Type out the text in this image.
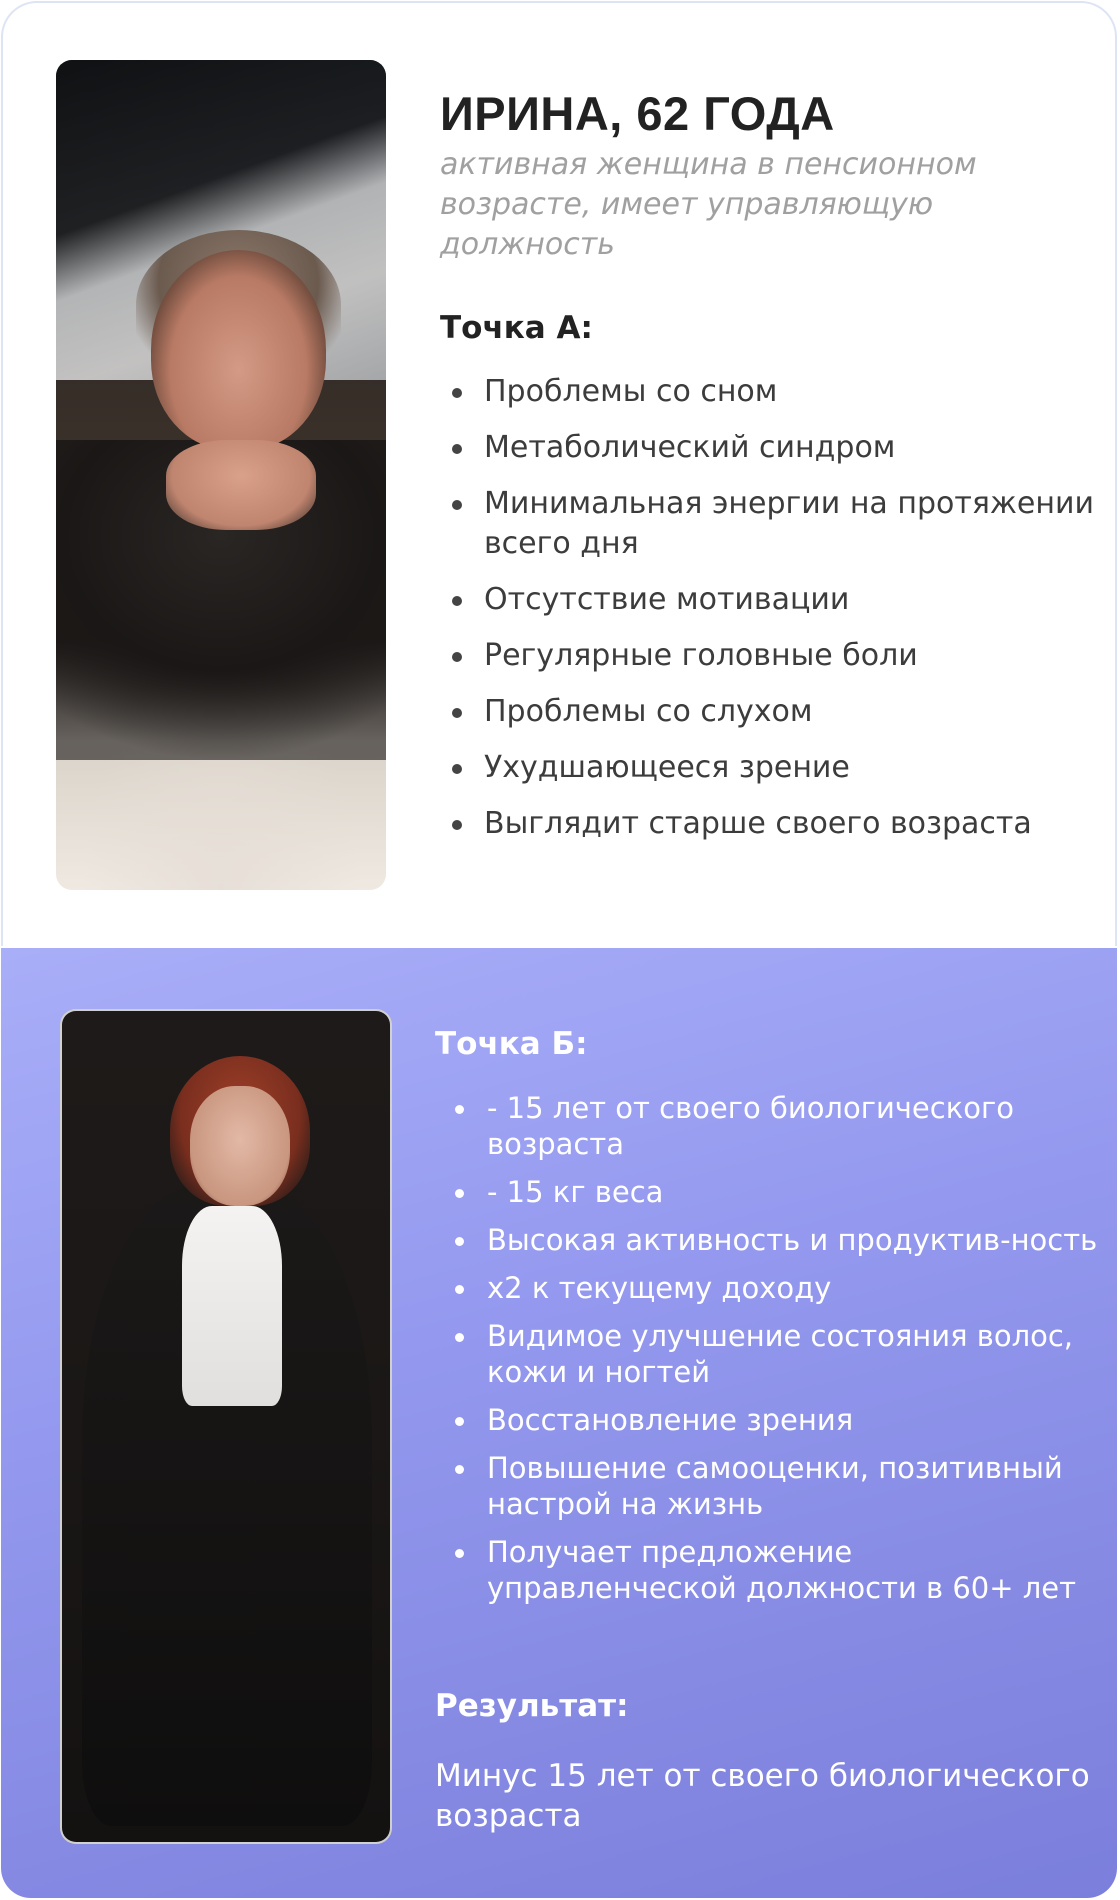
ИРИНА, 62 ГОДА

активная женщина в пенсионном возрасте, имеет управляющую должность

Точка А:
Проблемы со сном
Метаболический синдром
Минимальная энергии на протяжении всего дня
Отсутствие мотивации
Регулярные головные боли
Проблемы со слухом
Ухудшающееся зрение
Выглядит старше своего возраста
Точка Б:
- 15 лет от своего биологического возраста
- 15 кг веса
Высокая активность и продуктив-ность
x2 к текущему доходу
Видимое улучшение состояния волос, кожи и ногтей
Восстановление зрения
Повышение самооценки, позитивный настрой на жизнь
Получает предложение управленческой должности в 60+ лет
Результат:

Минус 15 лет от своего биологического возраста
